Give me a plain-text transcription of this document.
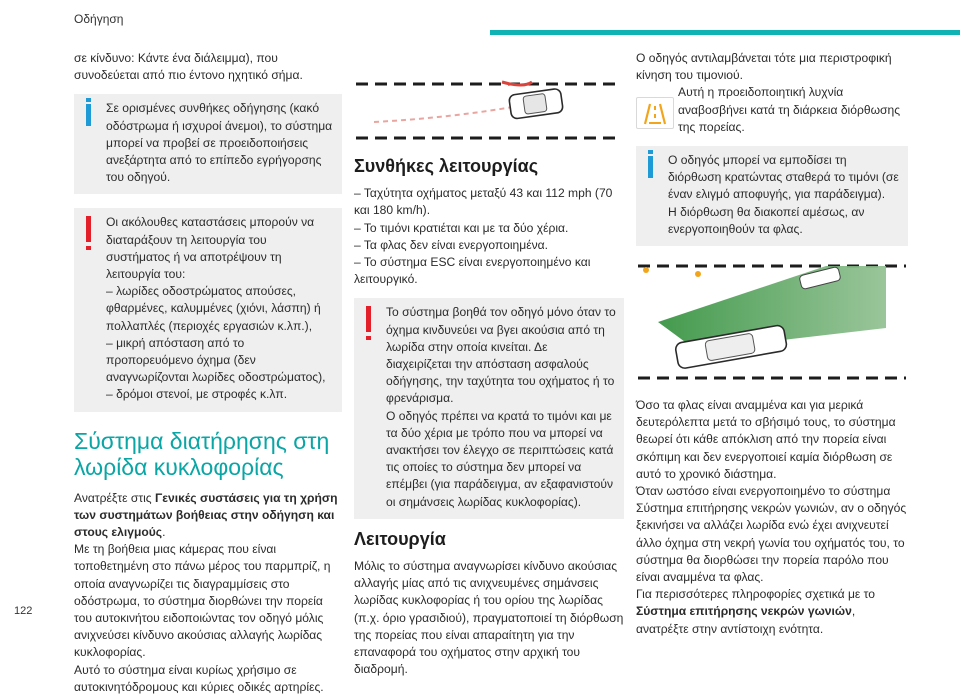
Οδήγηση

σε κίνδυνο: Κάντε ένα διάλειμμα), που συνοδεύεται από πιο έντονο ηχητικό σήμα.

Σε ορισμένες συνθήκες οδήγησης (κακό οδόστρωμα ή ισχυροί άνεμοι), το σύστημα μπορεί να προβεί σε προειδοποιήσεις ανεξάρτητα από το επίπεδο εγρήγορσης του οδηγού.

Οι ακόλουθες καταστάσεις μπορούν να διαταράξουν τη λειτουργία του συστήματος ή να αποτρέψουν τη λειτουργία του:

– λωρίδες οδοστρώματος απούσες, φθαρμένες, καλυμμένες (χιόνι, λάσπη) ή πολλαπλές (περιοχές εργασιών κ.λπ.),
– μικρή απόσταση από το προπορευόμενο όχημα (δεν αναγνωρίζονται λωρίδες οδοστρώματος),
– δρόμοι στενοί, με στροφές κ.λπ.
Σύστημα διατήρησης στη λωρίδα κυκλοφορίας

Ανατρέξτε στις Γενικές συστάσεις για τη χρήση των συστημάτων βοήθειας στην οδήγηση και στους ελιγμούς.

Με τη βοήθεια μιας κάμερας που είναι τοποθετημένη στο πάνω μέρος του παρμπρίζ, η οποία αναγνωρίζει τις διαγραμμίσεις στο οδόστρωμα, το σύστημα διορθώνει την πορεία του αυτοκινήτου ειδοποιώντας τον οδηγό μόλις ανιχνεύσει κίνδυνο ακούσιας αλλαγής λωρίδας κυκλοφορίας.

Αυτό το σύστημα είναι κυρίως χρήσιμο σε αυτοκινητόδρομους και κύριες οδικές αρτηρίες.

Συνθήκες λειτουργίας
– Ταχύτητα οχήματος μεταξύ 43 και 112 mph (70 και 180 km/h).
– Το τιμόνι κρατιέται και με τα δύο χέρια.
– Τα φλας δεν είναι ενεργοποιημένα.
– Το σύστημα ESC είναι ενεργοποιημένο και λειτουργικό.

Το σύστημα βοηθά τον οδηγό μόνο όταν το όχημα κινδυνεύει να βγει ακούσια από τη λωρίδα στην οποία κινείται. Δε διαχειρίζεται την απόσταση ασφαλούς οδήγησης, την ταχύτητα του οχήματος ή το φρενάρισμα.

Ο οδηγός πρέπει να κρατά το τιμόνι και με τα δύο χέρια με τρόπο που να μπορεί να ανακτήσει τον έλεγχο σε περιπτώσεις κατά τις οποίες το σύστημα δεν μπορεί να επέμβει (για παράδειγμα, αν εξαφανιστούν οι σημάνσεις λωρίδας κυκλοφορίας).

Λειτουργία

Μόλις το σύστημα αναγνωρίσει κίνδυνο ακούσιας αλλαγής μίας από τις ανιχνευμένες σημάνσεις λωρίδας κυκλοφορίας ή του ορίου της λωρίδας (π.χ. όριο γρασιδιού), πραγματοποιεί τη διόρθωση της πορείας που είναι απαραίτητη για την επαναφορά του οχήματος στην αρχική του διαδρομή.

Ο οδηγός αντιλαμβάνεται τότε μια περιστροφική κίνηση του τιμονιού.

Αυτή η προειδοποιητική λυχνία αναβοσβήνει κατά τη διάρκεια διόρθωσης της πορείας.

Ο οδηγός μπορεί να εμποδίσει τη διόρθωση κρατώντας σταθερά το τιμόνι (σε έναν ελιγμό αποφυγής, για παράδειγμα).

Η διόρθωση θα διακοπεί αμέσως, αν ενεργοποιηθούν τα φλας.

Όσο τα φλας είναι αναμμένα και για μερικά δευτερόλεπτα μετά το σβήσιμό τους, το σύστημα θεωρεί ότι κάθε απόκλιση από την πορεία είναι σκόπιμη και δεν ενεργοποιεί καμία διόρθωση σε αυτό το χρονικό διάστημα.

Όταν ωστόσο είναι ενεργοποιημένο το σύστημα Σύστημα επιτήρησης νεκρών γωνιών, αν ο οδηγός ξεκινήσει να αλλάζει λωρίδα ενώ έχει ανιχνευτεί άλλο όχημα στη νεκρή γωνία του οχήματός του, το σύστημα θα διορθώσει την πορεία παρόλο που είναι αναμμένα τα φλας.

Για περισσότερες πληροφορίες σχετικά με το Σύστημα επιτήρησης νεκρών γωνιών, ανατρέξτε στην αντίστοιχη ενότητα.

122
